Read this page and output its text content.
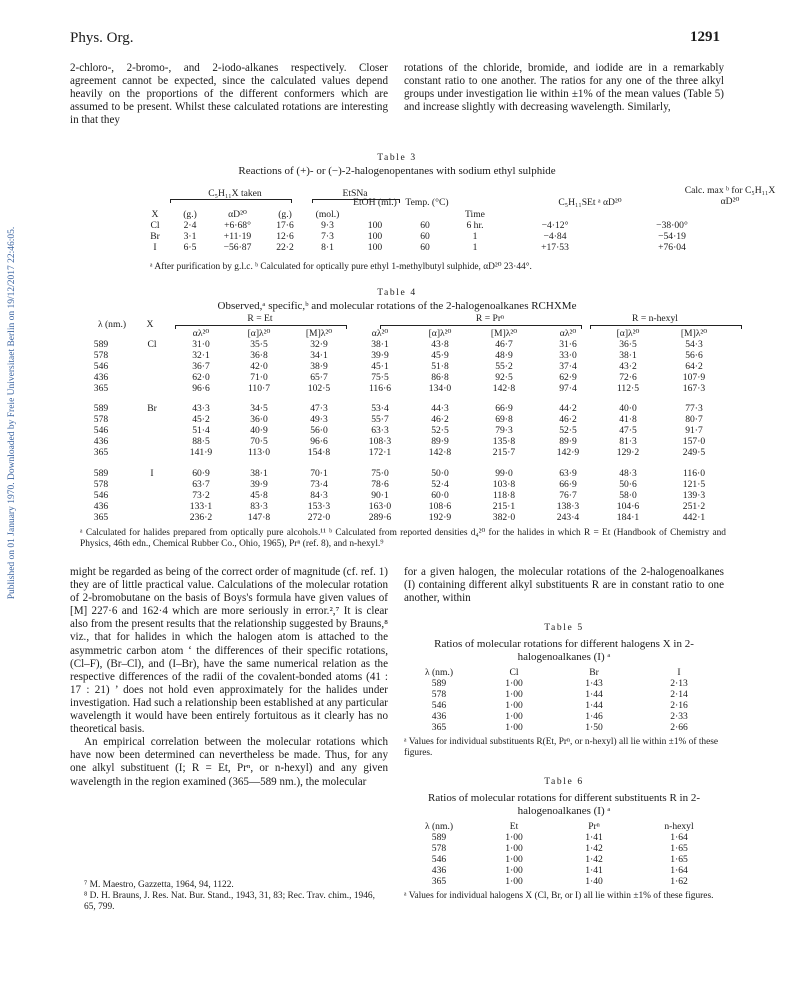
Published on 01 January 1970. Downloaded by Freie Universitaet Berlin on 19/12/2017 22:46:05.
Phys. Org.	1291

2-chloro-, 2-bromo-, and 2-iodo-alkanes respectively. Closer agreement cannot be expected, since the calculated values depend heavily on the proportions of the different conformers which are assumed to be present. Whilst these calculated rotations are interesting in that they

rotations of the chloride, bromide, and iodide are in a remarkably constant ratio to one another. The ratios for any one of the three alkyl groups under investigation lie within ±1% of the mean values (Table 5) and increase slightly with decreasing wavelength. Similarly,

Table 3
Reactions of (+)- or (−)-2-halogenopentanes with sodium ethyl sulphide
C₅H₁₁X taken	EtSNa	Calc. max ᵇ for C₅H₁₁X αD²⁰
C₅H₁₁SEt ᵃ αD²⁰
EtOH (ml.) Temp. (°C)
X	(g.)	αD²⁰	(g.)	(mol.)			Time		
Cl	2·4	+6·68°	17·6	9·3	100	60	6 hr.	−4·12°	−38·00°
Br	3·1	+11·19	12·6	7·3	100	60	1	−4·84	−54·19
I	6·5	−56·87	22·2	8·1	100	60	1	+17·53	+76·04
ᵃ After purification by g.l.c. ᵇ Calculated for optically pure ethyl 1-methylbutyl sulphide, αD²⁰ 23·44°.
Table 4
Observed,ᵃ specific,ᵇ and molecular rotations of the 2-halogenoalkanes RCHXMe
R = Et	R = Prⁿ	R = n-hexyl
λ (nm.)	X
		αλ²⁰	[α]λ²⁰	[M]λ²⁰	αλ²⁰	[α]λ²⁰	[M]λ²⁰	αλ²⁰	[α]λ²⁰	[M]λ²⁰
589	Cl	31·0	35·5	32·9	38·1	43·8	46·7	31·6	36·5	54·3
578		32·1	36·8	34·1	39·9	45·9	48·9	33·0	38·1	56·6
546		36·7	42·0	38·9	45·1	51·8	55·2	37·4	43·2	64·2
436		62·0	71·0	65·7	75·5	86·8	92·5	62·9	72·6	107·9
365		96·6	110·7	102·5	116·6	134·0	142·8	97·4	112·5	167·3

589	Br	43·3	34·5	47·3	53·4	44·3	66·9	44·2	40·0	77·3
578		45·2	36·0	49·3	55·7	46·2	69·8	46·2	41·8	80·7
546		51·4	40·9	56·0	63·3	52·5	79·3	52·5	47·5	91·7
436		88·5	70·5	96·6	108·3	89·9	135·8	89·9	81·3	157·0
365		141·9	113·0	154·8	172·1	142·8	215·7	142·9	129·2	249·5

589	I	60·9	38·1	70·1	75·0	50·0	99·0	63·9	48·3	116·0
578		63·7	39·9	73·4	78·6	52·4	103·8	66·9	50·6	121·5
546		73·2	45·8	84·3	90·1	60·0	118·8	76·7	58·0	139·3
436		133·1	83·3	153·3	163·0	108·6	215·1	138·3	104·6	251·2
365		236·2	147·8	272·0	289·6	192·9	382·0	243·4	184·1	442·1
ᵃ Calculated for halides prepared from optically pure alcohols.¹¹ ᵇ Calculated from reported densities d₄²⁰ for the halides in which R = Et (Handbook of Chemistry and Physics, 46th edn., Chemical Rubber Co., Ohio, 1965), Prⁿ (ref. 8), and n-hexyl.⁹

might be regarded as being of the correct order of magnitude (cf. ref. 1) they are of little practical value. Calculations of the molecular rotation of 2-bromobutane on the basis of Boys's formula have given values of [M] 227·6 and 162·4 which are more seriously in error.²,⁷ It is clear also from the present results that the relationship suggested by Brauns,⁸ viz., that for halides in which the halogen atom is attached to the asymmetric carbon atom ‘ the differences of their specific rotations, (Cl–F), (Br–Cl), and (I–Br), have the same numerical relation as the respective differences of the radii of the covalent-bonded atoms (41 : 17 : 21) ’ does not hold even approximately for the halides under investigation. Had such a relationship been established at any particular wavelength it would have been entirely fortuitous as it clearly has no theoretical basis.

An empirical correlation between the molecular rotations which have now been determined can nevertheless be made. Thus, for any one alkyl substituent (I; R = Et, Prⁿ, or n-hexyl) and any given wavelength in the region examined (365—589 nm.), the molecular

⁷ M. Maestro, Gazzetta, 1964, 94, 1122.
⁸ D. H. Brauns, J. Res. Nat. Bur. Stand., 1943, 31, 83; Rec. Trav. chim., 1946, 65, 799.

for a given halogen, the molecular rotations of the 2-halogenoalkanes (I) containing different alkyl substituents R are in constant ratio to one another, within

Table 5
Ratios of molecular rotations for different halogens X in 2-halogenoalkanes (I) ᵃ
λ (nm.)	Cl	Br	I
589	1·00	1·43	2·13
578	1·00	1·44	2·14
546	1·00	1·44	2·16
436	1·00	1·46	2·33
365	1·00	1·50	2·66
ᵃ Values for individual substituents R(Et, Prⁿ, or n-hexyl) all lie within ±1% of these figures.
Table 6
Ratios of molecular rotations for different substituents R in 2-halogenoalkanes (I) ᵃ
λ (nm.)	Et	Prⁿ	n-hexyl
589	1·00	1·41	1·64
578	1·00	1·42	1·65
546	1·00	1·42	1·65
436	1·00	1·41	1·64
365	1·00	1·40	1·62
ᵃ Values for individual halogens X (Cl, Br, or I) all lie within ±1% of these figures.
